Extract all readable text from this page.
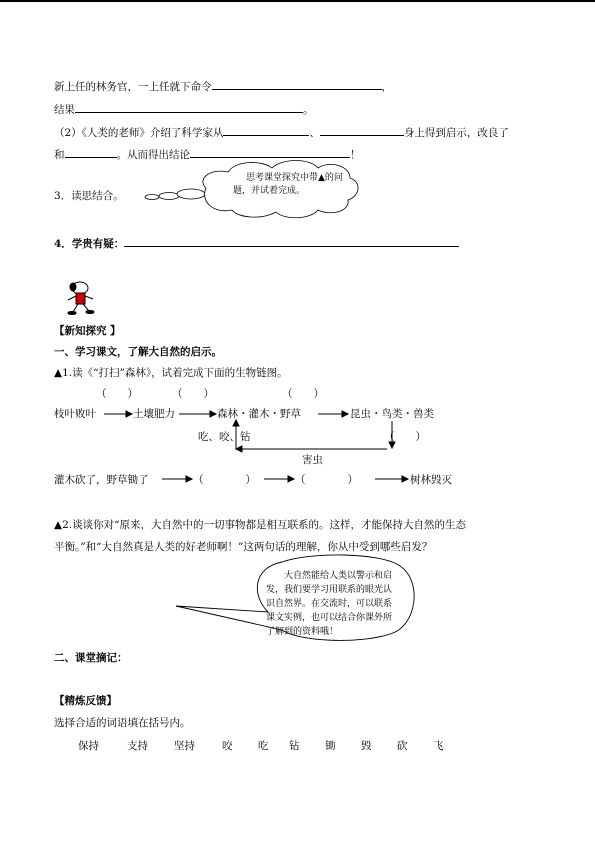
新上任的林务官，一上任就下命令	，
结果	。
（2）《人类的老师》介绍了科学家从	、	身上得到启示，改良了
和	。从而得出结论	！
思考课堂探究中带▲的问
题，并试着完成。
　　大自然能给人类以警示和启
发，我们要学习用联系的眼光认
识自然界。在交流时，可以联系
课文实例，也可以结合你课外所
了解到的资料哦！
3．读思结合。
4．学贵有疑：
【新知探究 】
一、学习课文，了解大自然的启示。
▲1.读《“打扫”森林》，试着完成下面的生物链图。
（　　）	（　　）	（　　）
枝叶败叶	土壤肥力	森林・灌木・野草	昆虫・鸟类・兽类
吃、咬、钻	（　　）
害虫
灌木砍了，野草锄了	（　　　　）	（　　　　）	树林毁灭
▲2.谈谈你对“原来，大自然中的一切事物都是相互联系的。这样，才能保持大自然的生态
平衡。”和“大自然真是人类的好老师啊！”这两句话的理解，你从中受到哪些启发？
二、课堂摘记：
【精炼反馈】
选择合适的词语填在括号内。
保持	支持 坚持	咬 吃 钻 锄 毁 砍 飞
